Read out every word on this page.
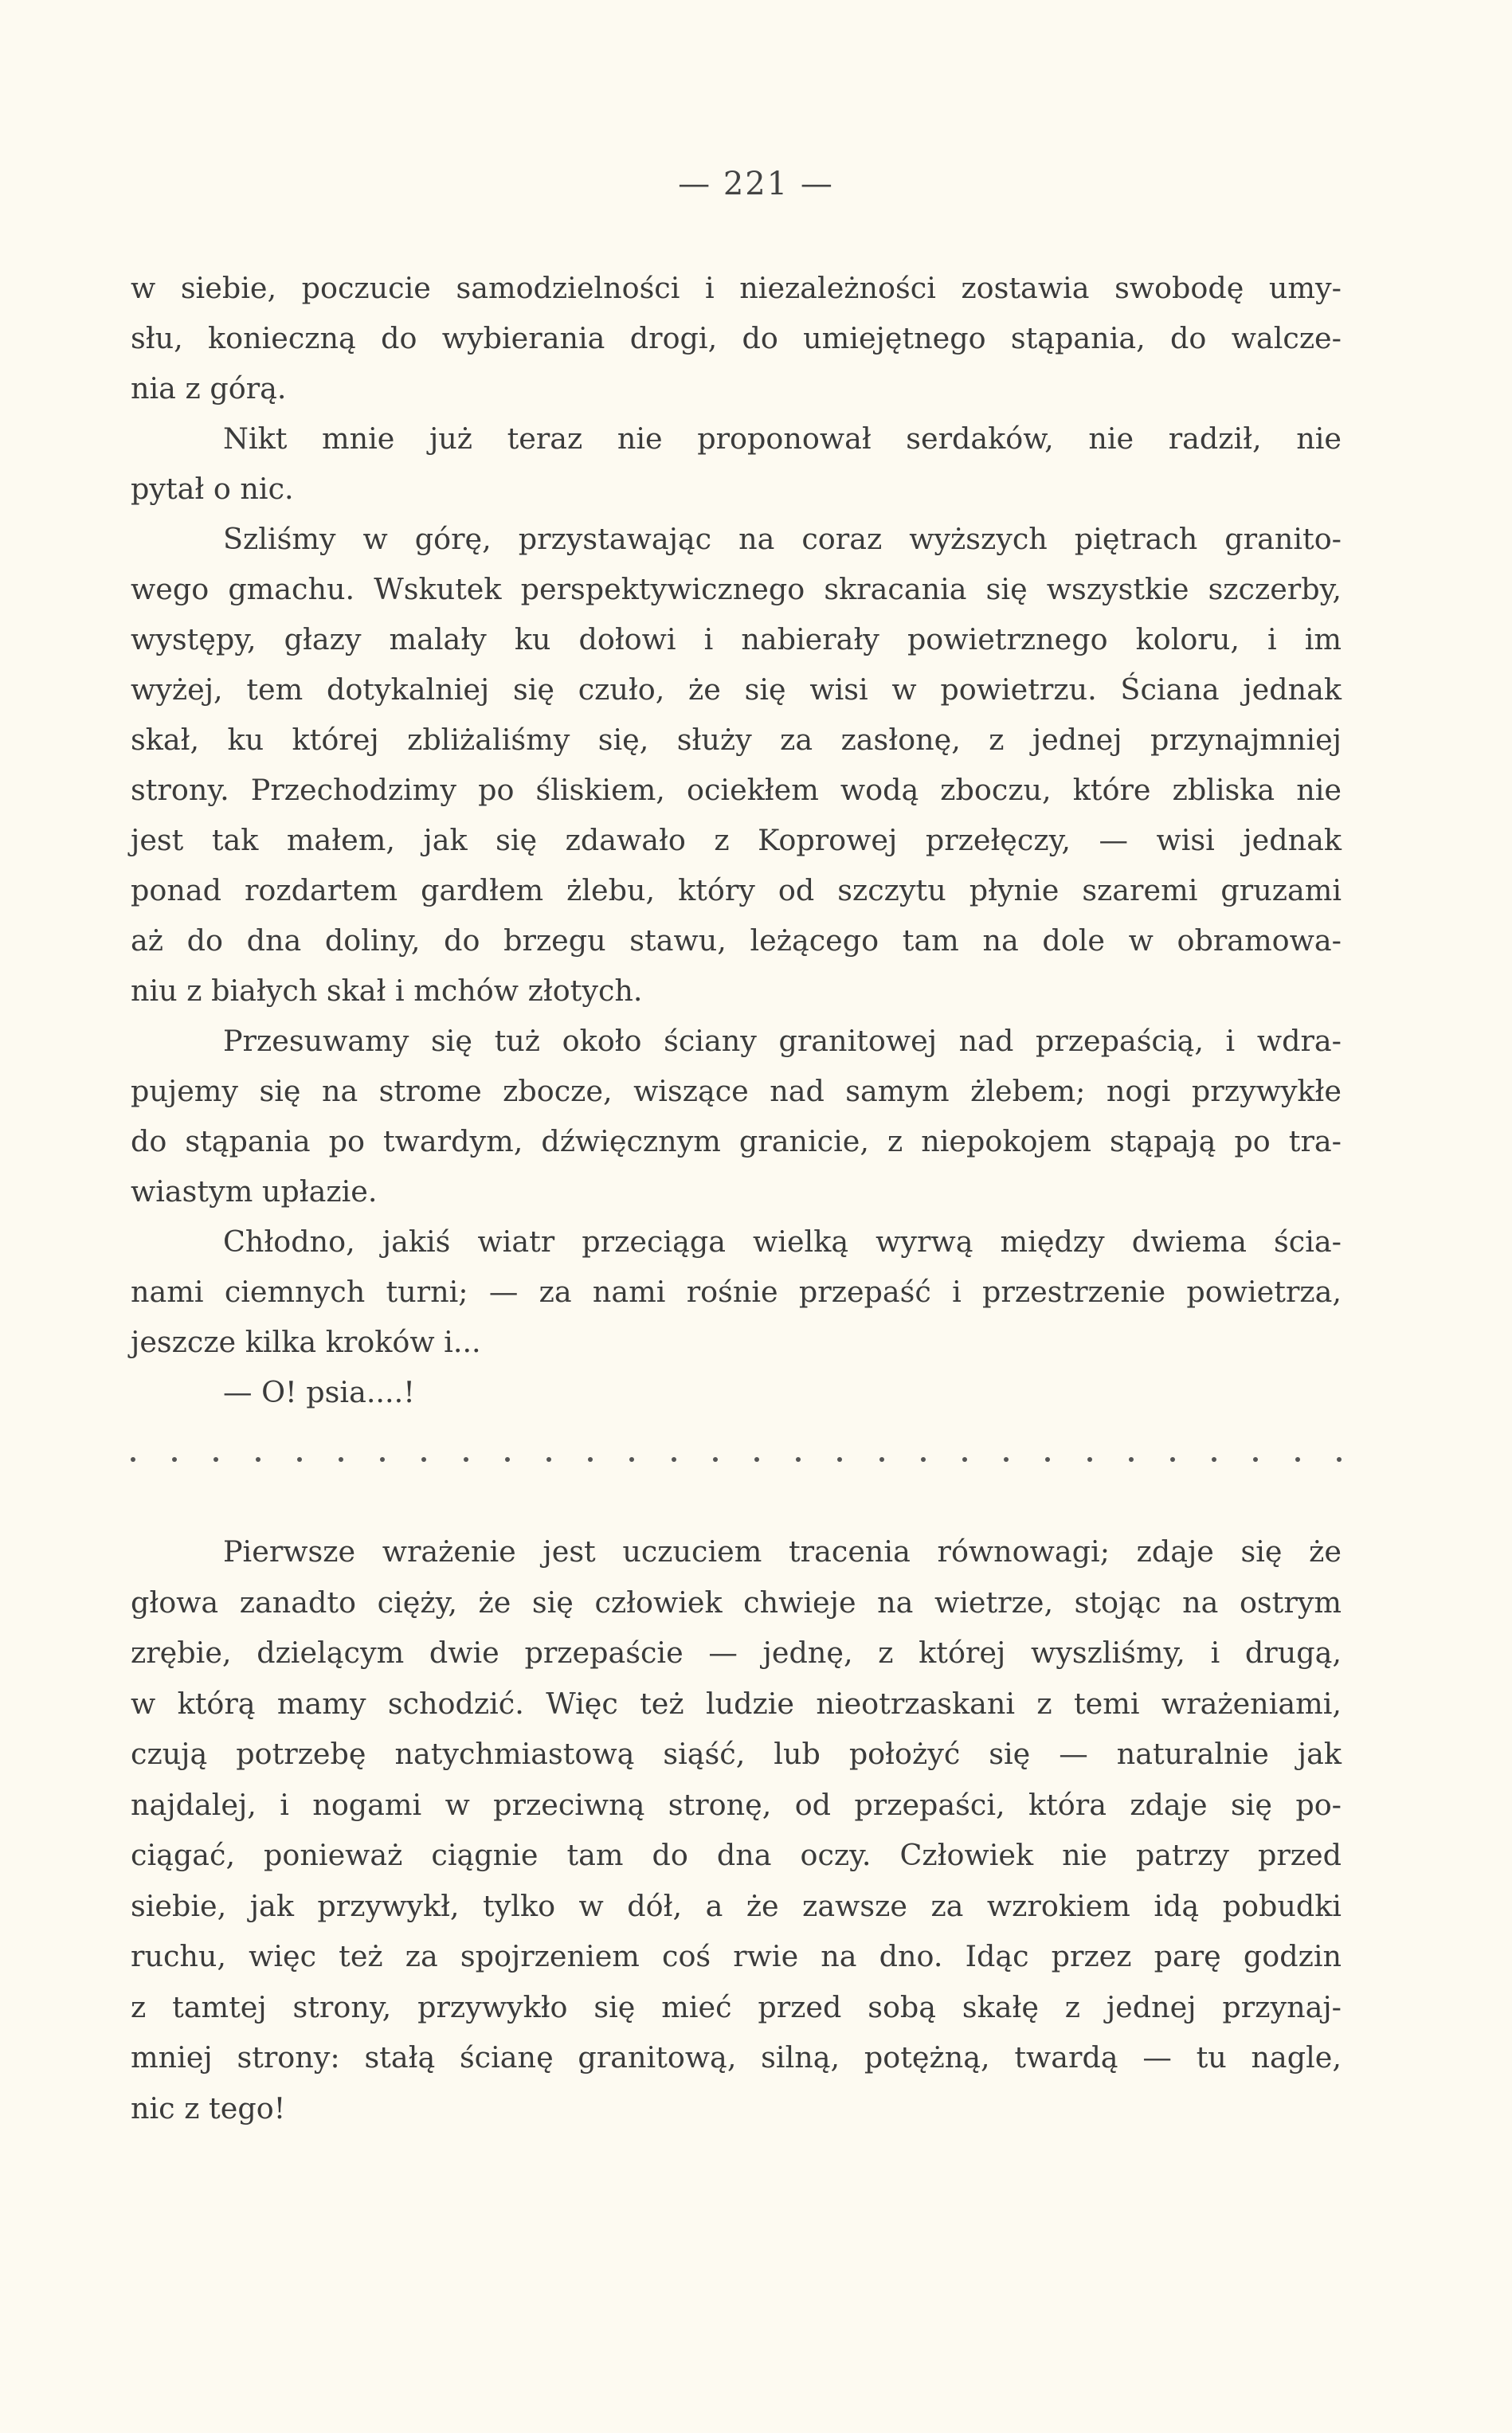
— 221 —
w siebie, poczucie samodzielności i niezależności zostawia swobodę umy-
słu, konieczną do wybierania drogi, do umiejętnego stąpania, do walcze-
nia z górą.
Nikt mnie już teraz nie proponował serdaków, nie radził, nie
pytał o nic.
Szliśmy w górę, przystawając na coraz wyższych piętrach granito-
wego gmachu. Wskutek perspektywicznego skracania się wszystkie szczerby,
występy, głazy malały ku dołowi i nabierały powietrznego koloru, i im
wyżej, tem dotykalniej się czuło, że się wisi w powietrzu. Ściana jednak
skał, ku której zbliżaliśmy się, służy za zasłonę, z jednej przynajmniej
strony. Przechodzimy po śliskiem, ociekłem wodą zboczu, które zbliska nie
jest tak małem, jak się zdawało z Koprowej przełęczy, — wisi jednak
ponad rozdartem gardłem żlebu, który od szczytu płynie szaremi gruzami
aż do dna doliny, do brzegu stawu, leżącego tam na dole w obramowa-
niu z białych skał i mchów złotych.
Przesuwamy się tuż około ściany granitowej nad przepaścią, i wdra-
pujemy się na strome zbocze, wiszące nad samym żlebem; nogi przywykłe
do stąpania po twardym, dźwięcznym granicie, z niepokojem stąpają po tra-
wiastym upłazie.
Chłodno, jakiś wiatr przeciąga wielką wyrwą między dwiema ścia-
nami ciemnych turni; — za nami rośnie przepaść i przestrzenie powietrza,
jeszcze kilka kroków i...
— O! psia....!
Pierwsze wrażenie jest uczuciem tracenia równowagi; zdaje się że
głowa zanadto cięży, że się człowiek chwieje na wietrze, stojąc na ostrym
zrębie, dzielącym dwie przepaście — jednę, z której wyszliśmy, i drugą,
w którą mamy schodzić. Więc też ludzie nieotrzaskani z temi wrażeniami,
czują potrzebę natychmiastową siąść, lub położyć się — naturalnie jak
najdalej, i nogami w przeciwną stronę, od przepaści, która zdaje się po-
ciągać, ponieważ ciągnie tam do dna oczy. Człowiek nie patrzy przed
siebie, jak przywykł, tylko w dół, a że zawsze za wzrokiem idą pobudki
ruchu, więc też za spojrzeniem coś rwie na dno. Idąc przez parę godzin
z tamtej strony, przywykło się mieć przed sobą skałę z jednej przynaj-
mniej strony: stałą ścianę granitową, silną, potężną, twardą — tu nagle,
nic z tego!
